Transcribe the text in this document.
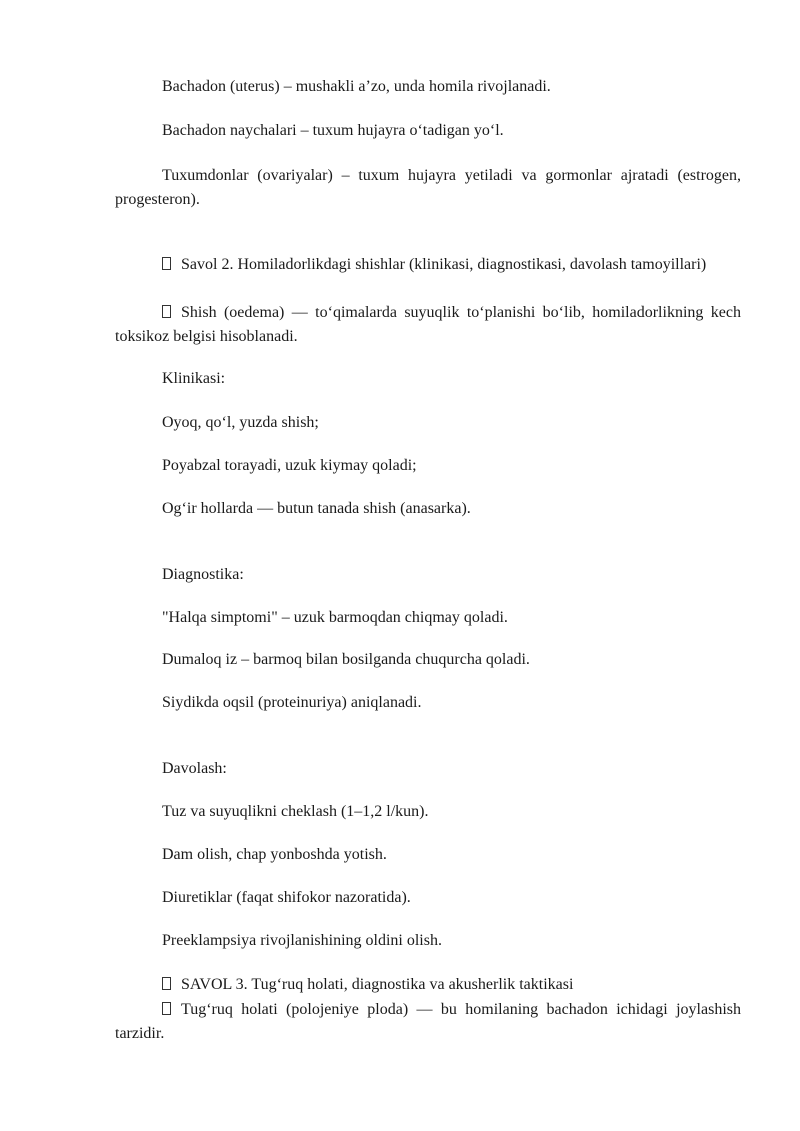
Bachadon (uterus) – mushakli a’zo, unda homila rivojlanadi.

Bachadon naychalari – tuxum hujayra o‘tadigan yo‘l.

Tuxumdonlar (ovariyalar) – tuxum hujayra yetiladi va gormonlar ajratadi (estrogen, progesteron).

Savol 2. Homiladorlikdagi shishlar (klinikasi, diagnostikasi, davolash tamoyillari)

Shish (oedema) — to‘qimalarda suyuqlik to‘planishi bo‘lib, homiladorlikning kech toksikoz belgisi hisoblanadi.

Klinikasi:

Oyoq, qo‘l, yuzda shish;

Poyabzal torayadi, uzuk kiymay qoladi;

Og‘ir hollarda — butun tanada shish (anasarka).

Diagnostika:

"Halqa simptomi" – uzuk barmoqdan chiqmay qoladi.

Dumaloq iz – barmoq bilan bosilganda chuqurcha qoladi.

Siydikda oqsil (proteinuriya) aniqlanadi.

Davolash:

Tuz va suyuqlikni cheklash (1–1,2 l/kun).

Dam olish, chap yonboshda yotish.

Diuretiklar (faqat shifokor nazoratida).

Preeklampsiya rivojlanishining oldini olish.

SAVOL 3. Tug‘ruq holati, diagnostika va akusherlik taktikasi

Tug‘ruq holati (polojeniye ploda) — bu homilaning bachadon ichidagi joylashish tarzidir.
